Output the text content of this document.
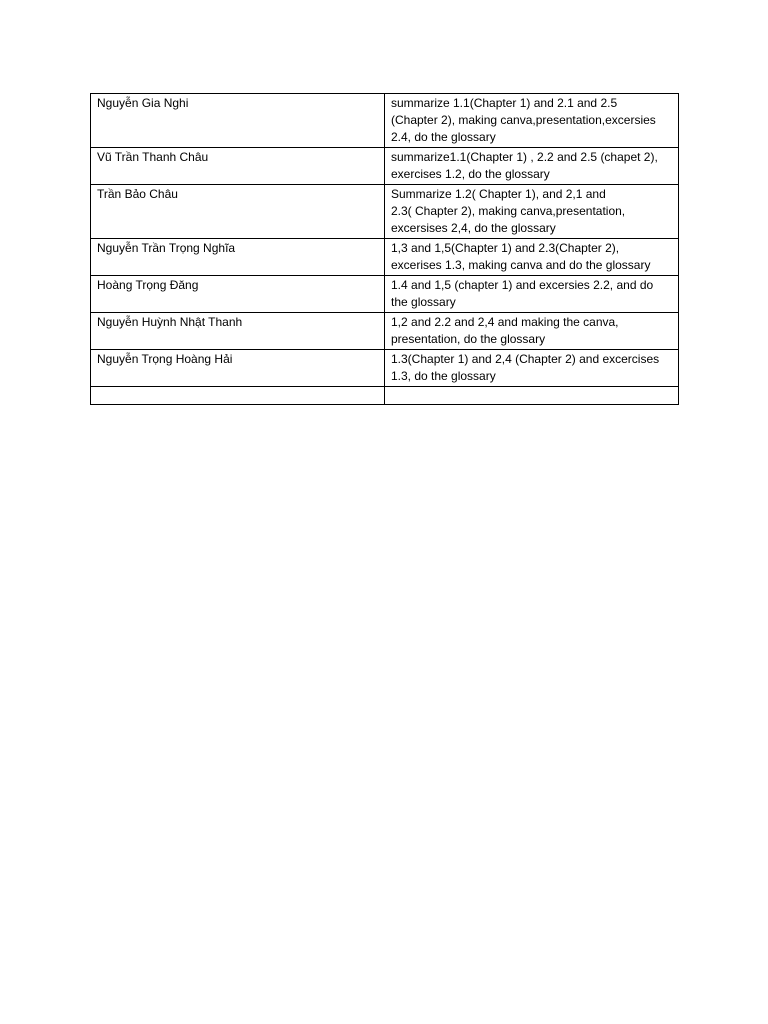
Nguyễn Gia Nghi	summarize 1.1(Chapter 1) and 2.1 and 2.5
(Chapter 2), making canva,presentation,excersies
2.4, do the glossary

Vũ Trần Thanh Châu	summarize1.1(Chapter 1) , 2.2 and 2.5 (chapet 2),
exercises 1.2, do the glossary

Trần Bảo Châu	Summarize 1.2( Chapter 1), and 2,1 and
2.3( Chapter 2), making canva,presentation,
excersises 2,4, do the glossary

Nguyễn Trần Trọng Nghĩa	1,3 and 1,5(Chapter 1) and 2.3(Chapter 2),
excerises 1.3, making canva and do the glossary

Hoàng Trọng Đăng	1.4 and 1,5 (chapter 1) and excersies 2.2, and do
the glossary

Nguyễn Huỳnh Nhật Thanh	1,2 and 2.2 and 2,4 and making the canva,
presentation, do the glossary

Nguyễn Trọng Hoàng Hải	1.3(Chapter 1) and 2,4 (Chapter 2) and excercises
1.3, do the glossary
